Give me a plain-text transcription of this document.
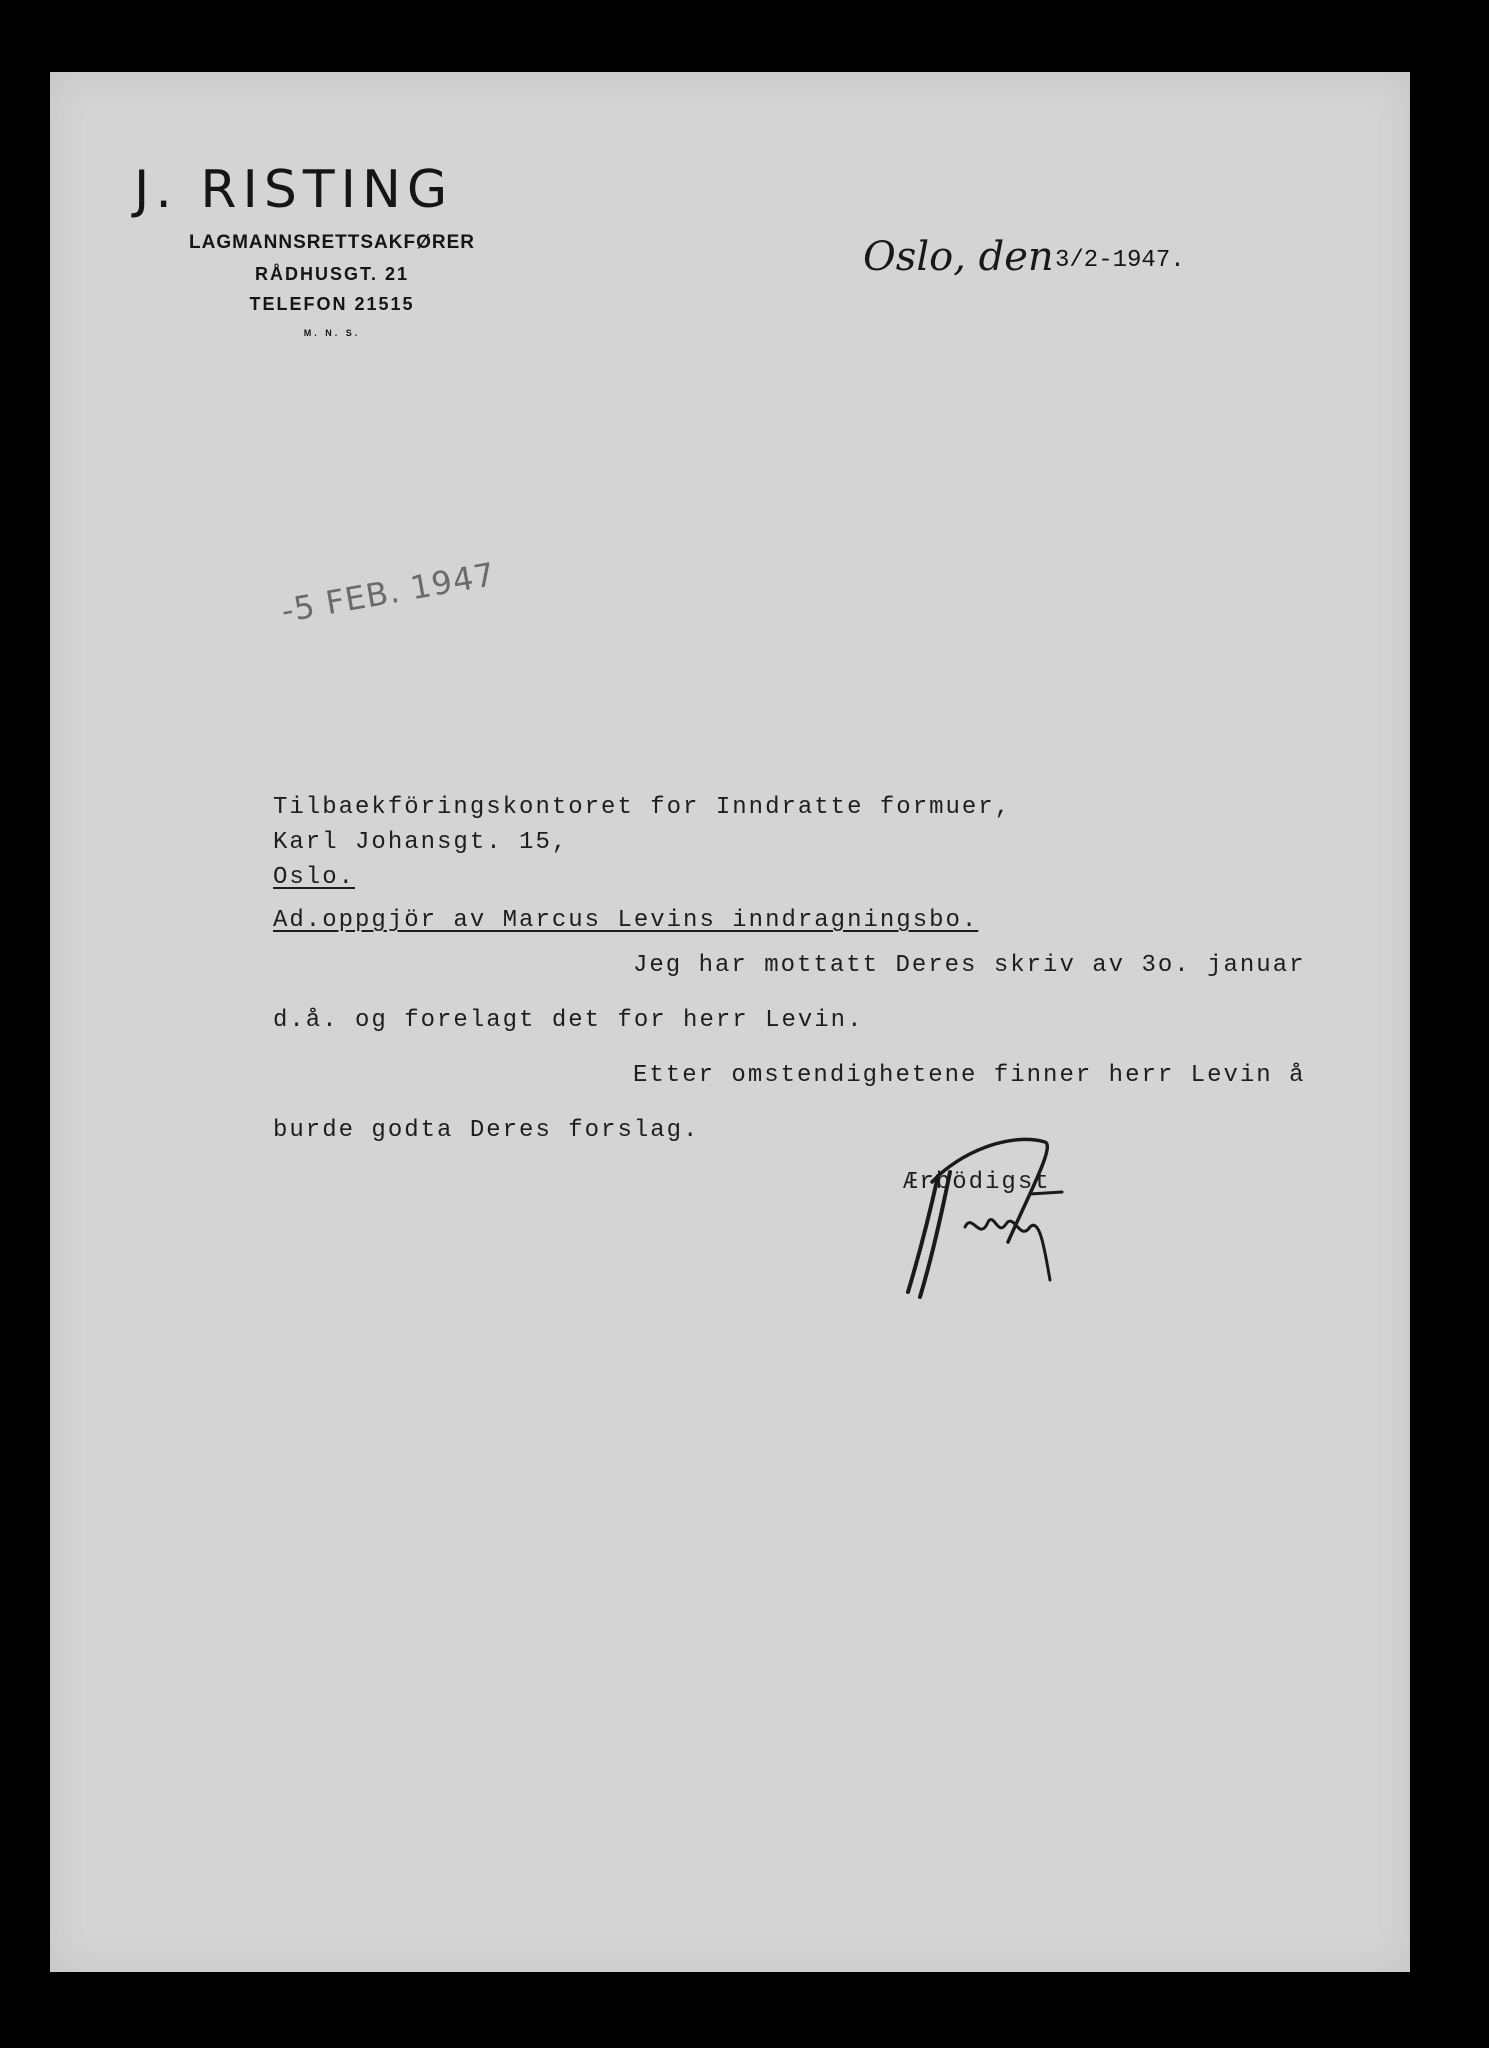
J. RISTING
LAGMANNSRETTSAKFØRER
RÅDHUSGT. 21
TELEFON 21515
M. N. S.
Oslo, den 3/2-1947.
-5 FEB. 1947
Tilbaekföringskontoret for Inndratte formuer,
Karl Johansgt. 15,
Oslo.
Ad.oppgjör av Marcus Levins inndragningsbo.
Jeg har mottatt Deres skriv av 3o. januar
d.å. og forelagt det for herr Levin.
Etter omstendighetene finner herr Levin å
burde godta Deres forslag.
Ærbödigst
